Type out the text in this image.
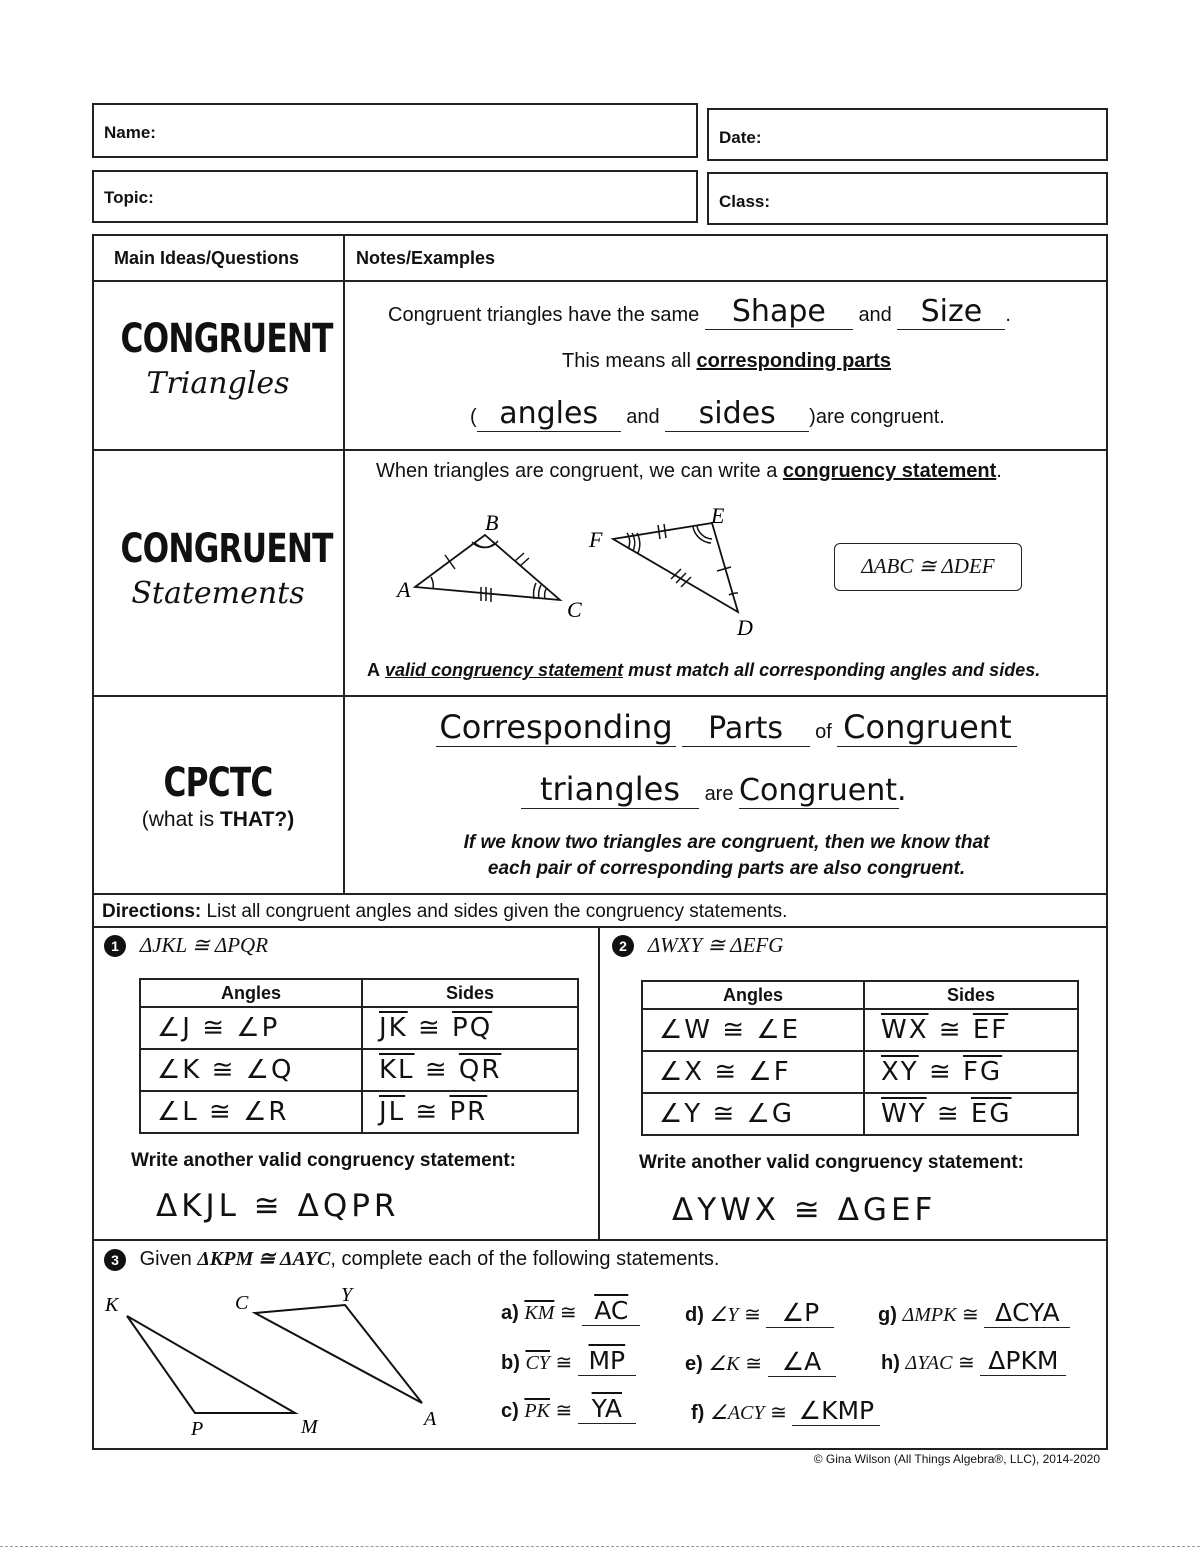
Name:	Date:
Topic:	Class:
Main Ideas/Questions	Notes/Examples
CONGRUENT
Triangles
Congruent triangles have the same Shape and Size .
This means all corresponding parts
( angles and sides )are congruent.
CONGRUENT
Statements
When triangles are congruent, we can write a congruency statement.
A
B
C
F
E
D
ΔABC ≅ ΔDEF
A valid congruency statement must match all corresponding angles and sides.
CPCTC
(what is THAT?)
Corresponding Parts of Congruent
triangles are Congruent.
If we know two triangles are congruent, then we know that
each pair of corresponding parts are also congruent.
Directions: List all congruent angles and sides given the congruency statements.
1 ΔJKL ≅ ΔPQR
Angles	Sides
∠J ≅ ∠P	$\overline{JK}$ ≅ $\overline{PQ}$
∠K ≅ ∠Q	$\overline{KL}$ ≅ $\overline{QR}$
∠L ≅ ∠R	$\overline{JL}$ ≅ $\overline{PR}$
Write another valid congruency statement:
ΔKJL ≅ ΔQPR
2 ΔWXY ≅ ΔEFG
Angles	Sides
∠W ≅ ∠E	$\overline{WX}$ ≅ $\overline{EF}$
∠X ≅ ∠F	$\overline{XY}$ ≅ $\overline{FG}$
∠Y ≅ ∠G	$\overline{WY}$ ≅ $\overline{EG}$
Write another valid congruency statement:
ΔYWX ≅ ΔGEF
3 Given ΔKPM ≅ ΔAYC, complete each of the following statements.
K
P	M
C	Y
A
a) $\overline{KM}$ ≅ $\overline{AC}$
b) $\overline{CY}$ ≅ $\overline{MP}$
c) $\overline{PK}$ ≅ $\overline{YA}$
d) ∠Y ≅ ∠P
e) ∠K ≅ ∠A
f) ∠ACY ≅ ∠KMP
g) ΔMPK ≅ ΔCYA
h) ΔYAC ≅ ΔPKM
© Gina Wilson (All Things Algebra®, LLC), 2014-2020
